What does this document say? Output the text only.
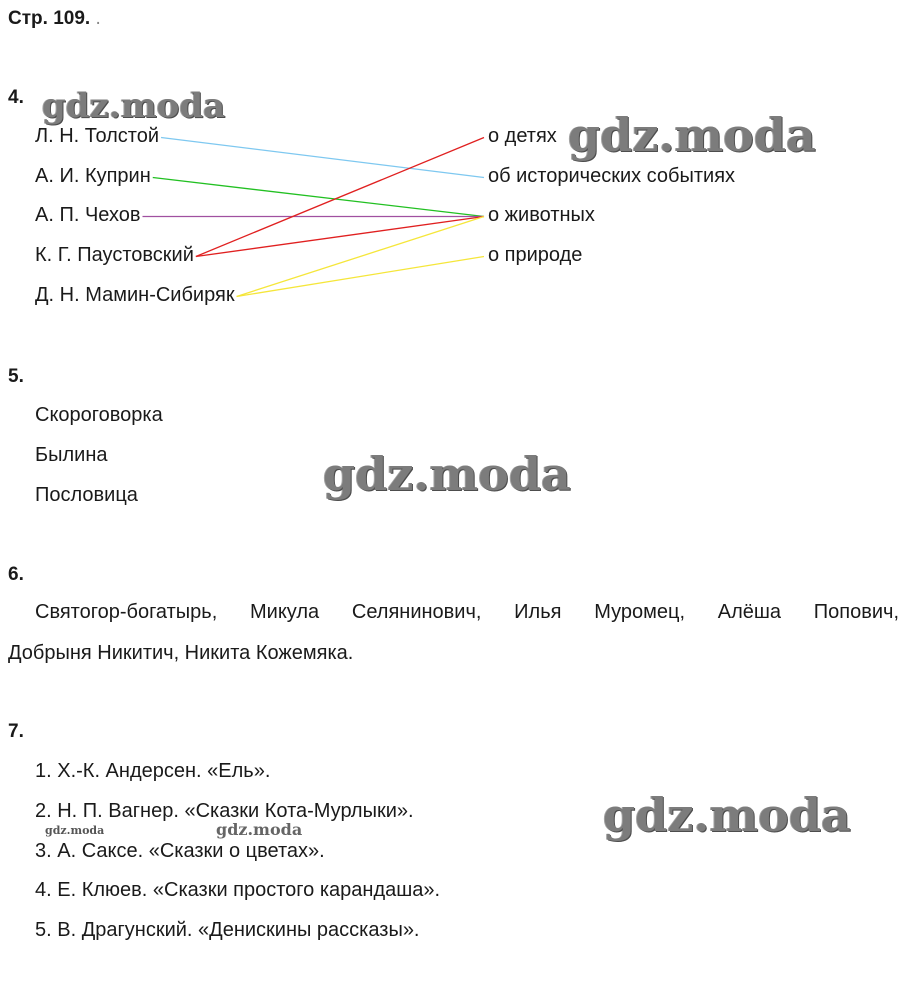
Стр. 109. .
4.
Л. Н. Толстой
А. И. Куприн
А. П. Чехов
К. Г. Паустовский
Д. Н. Мамин-Сибиряк
о детях
об исторических событиях
о животных
о природе
5.
Скороговорка
Былина
Пословица
6.
Святогор-богатырь, Микула Селянинович, Илья Муромец, Алёша Попович,
Добрыня Никитич, Никита Кожемяка.
7.
1. Х.-К. Андерсен. «Ель».
2. Н. П. Вагнер. «Сказки Кота-Мурлыки».
3. А. Саксе. «Сказки о цветах».
4. Е. Клюев. «Сказки простого карандаша».
5. В. Драгунский. «Денискины рассказы».
gdz.moda
gdz.moda
gdz.moda
gdz.moda
gdz.moda
gdz.moda
